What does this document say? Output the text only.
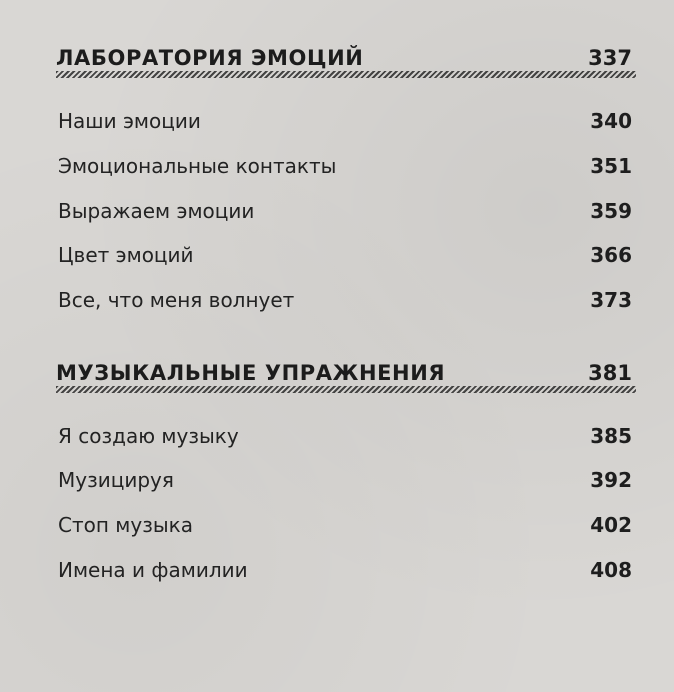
ЛАБОРАТОРИЯ ЭМОЦИЙ	337
Наши эмоции	340
Эмоциональные контакты	351
Выражаем эмоции	359
Цвет эмоций	366
Все, что меня волнует	373
МУЗЫКАЛЬНЫЕ УПРАЖНЕНИЯ	381
Я создаю музыку	385
Музицируя	392
Стоп музыка	402
Имена и фамилии	408
